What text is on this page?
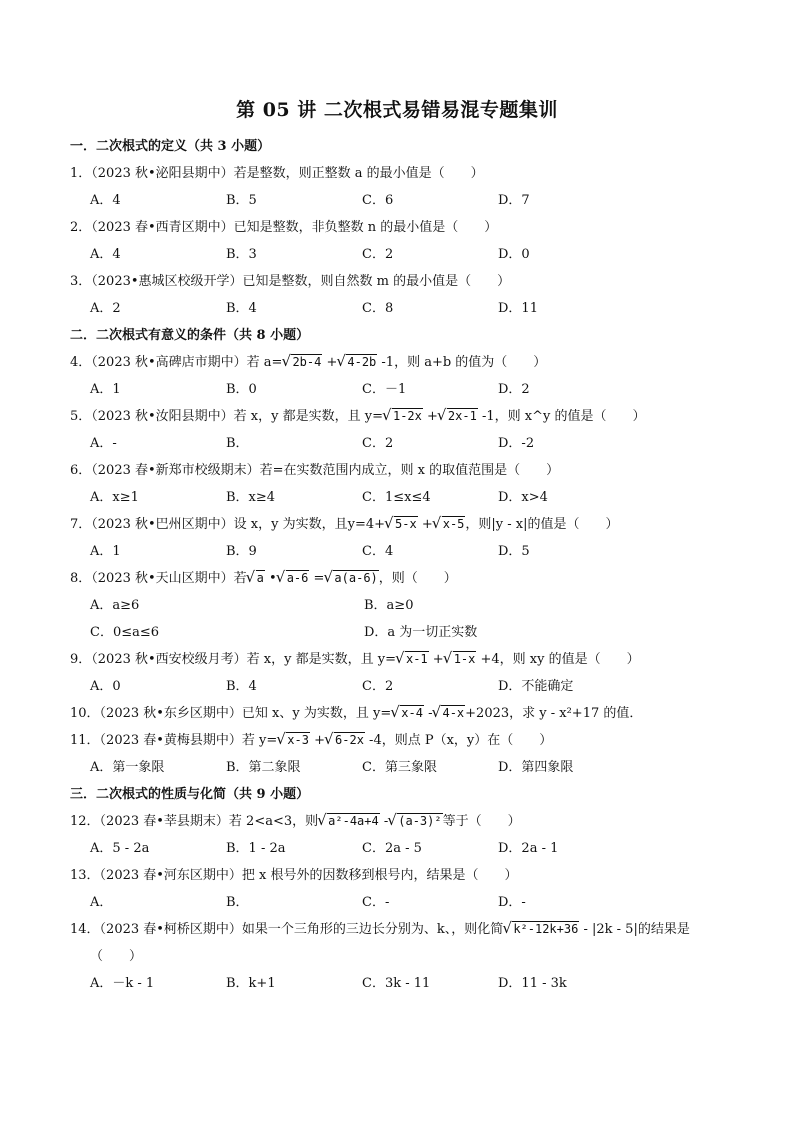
第 05 讲 二次根式易错易混专题集训
一．二次根式的定义（共 3 小题）
1．（2023 秋•泌阳县期中）若是整数，则正整数 a 的最小值是（　　）
A．4	B．5	C．6	D．7
2．（2023 春•西青区期中）已知是整数，非负整数 n 的最小值是（　　）
A．4	B．3	C．2	D．0
3．（2023•惠城区校级开学）已知是整数，则自然数 m 的最小值是（　　）
A．2	B．4	C．8	D．11
二．二次根式有意义的条件（共 8 小题）
4．（2023 秋•高碑店市期中）若 a= √ 2b-4 + √ 4-2b -1，则 a+b 的值为（　　）
A．1	B．0	C．－1	D．2
5．（2023 秋•汝阳县期中）若 x，y 都是实数，且 y= √ 1-2x + √ 2x-1 -1，则 x^y 的值是（　　）
A．-	B．	C．2	D．-2
6．（2023 春•新郑市校级期末）若=在实数范围内成立，则 x 的取值范围是（　　）
A．x≥1	B．x≥4	C．1≤x≤4	D．x>4
7．（2023 秋•巴州区期中）设 x，y 为实数，且y=4+ √ 5-x + √ x-5，则|y - x|的值是（　　）
A．1	B．9	C．4	D．5
8．（2023 秋•天山区期中）若 √ a • √ a-6 = √ a(a-6)，则（　　）
A．a≥6	B．a≥0
C．0≤a≤6	D．a 为一切正实数
9．（2023 秋•西安校级月考）若 x，y 都是实数，且 y= √ x-1 + √ 1-x +4，则 xy 的值是（　　）
A．0	B．4	C．2	D．不能确定
10．（2023 秋•东乡区期中）已知 x、y 为实数，且 y= √ x-4 - √ 4-x+2023，求 y - x²+17 的值．
11．（2023 春•黄梅县期中）若 y= √ x-3 + √ 6-2x -4，则点 P（x，y）在（　　）
A．第一象限	B．第二象限	C．第三象限	D．第四象限
三．二次根式的性质与化简（共 9 小题）
12．（2023 春•莘县期末）若 2<a<3，则 √ a²-4a+4 - √ (a-3)²等于（　　）
A．5 - 2a	B．1 - 2a	C．2a - 5	D．2a - 1
13．（2023 春•河东区期中）把 x 根号外的因数移到根号内，结果是（　　）
A．	B．	C．-	D．-
14．（2023 春•柯桥区期中）如果一个三角形的三边长分别为、k、，则化简 √ k²-12k+36 - |2k - 5|的结果是
（　　）
A．－k - 1	B．k+1	C．3k - 11	D．11 - 3k
